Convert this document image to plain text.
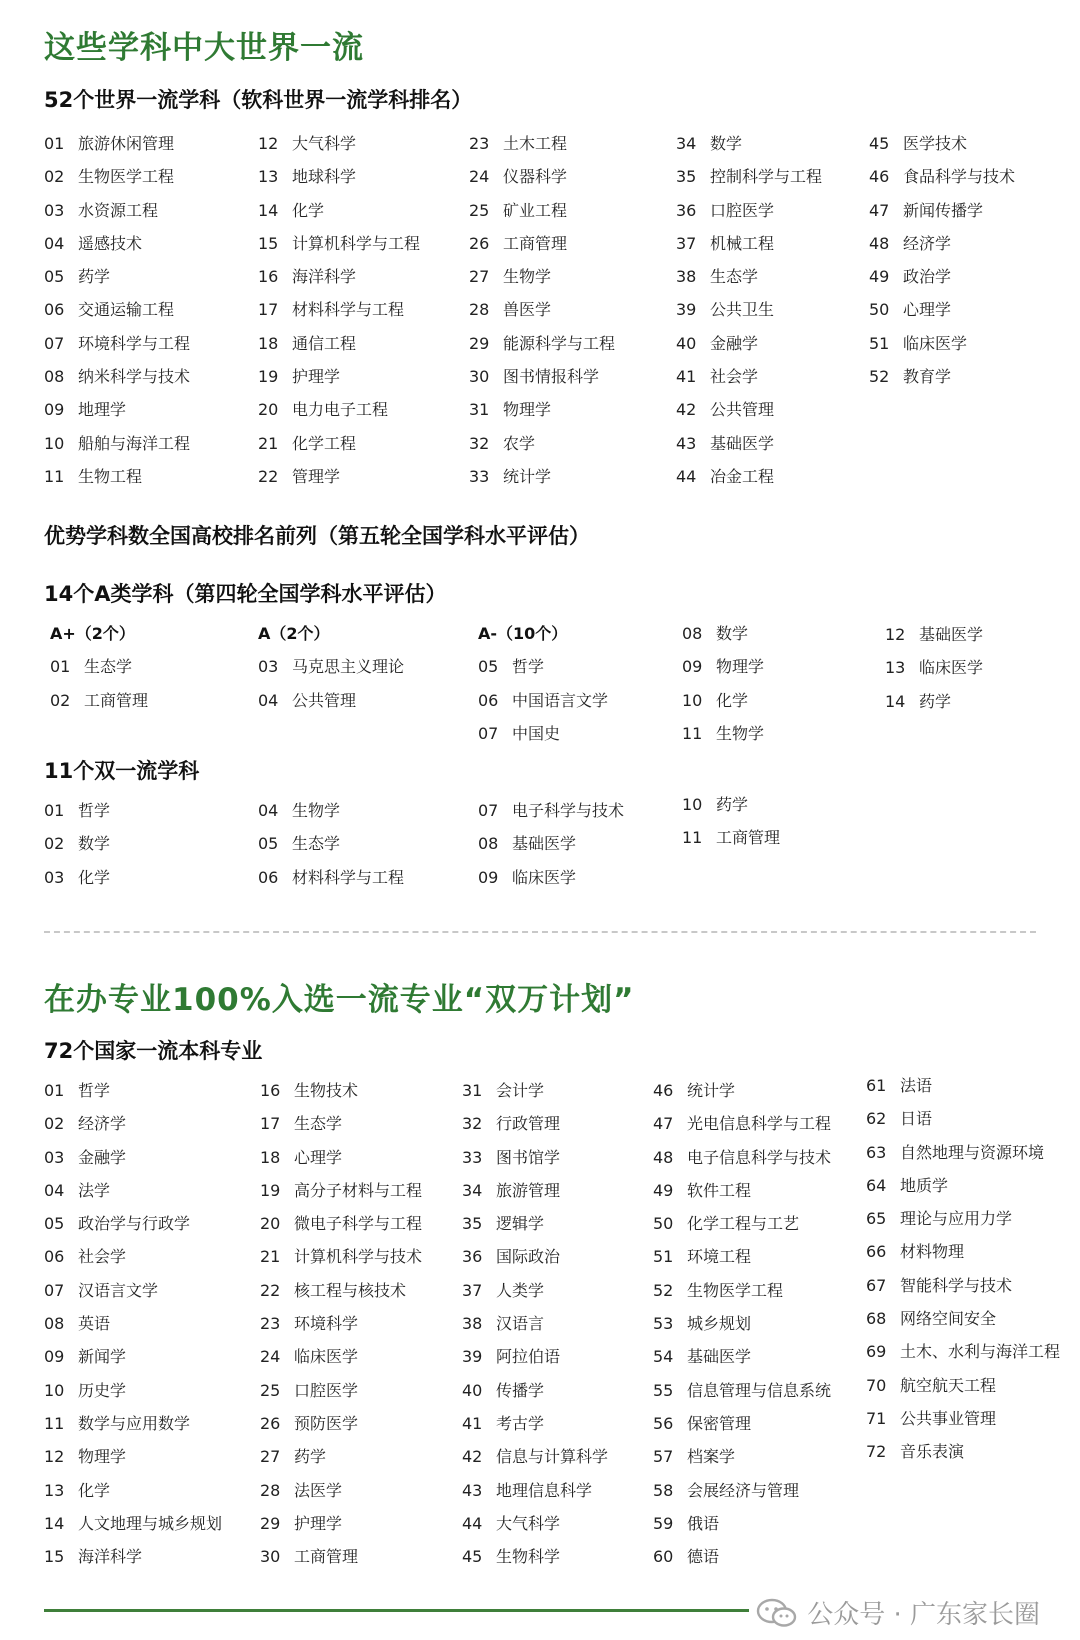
这些学科中大世界一流
52个世界一流学科（软科世界一流学科排名）
01 旅游休闲管理
02 生物医学工程
03 水资源工程
04 遥感技术
05 药学
06 交通运输工程
07 环境科学与工程
08 纳米科学与技术
09 地理学
10 船舶与海洋工程
11 生物工程
12 大气科学
13 地球科学
14 化学
15 计算机科学与工程
16 海洋科学
17 材料科学与工程
18 通信工程
19 护理学
20 电力电子工程
21 化学工程
22 管理学
23 土木工程
24 仪器科学
25 矿业工程
26 工商管理
27 生物学
28 兽医学
29 能源科学与工程
30 图书情报科学
31 物理学
32 农学
33 统计学
34 数学
35 控制科学与工程
36 口腔医学
37 机械工程
38 生态学
39 公共卫生
40 金融学
41 社会学
42 公共管理
43 基础医学
44 冶金工程
45 医学技术
46 食品科学与技术
47 新闻传播学
48 经济学
49 政治学
50 心理学
51 临床医学
52 教育学
优势学科数全国高校排名前列（第五轮全国学科水平评估）
14个A类学科（第四轮全国学科水平评估）
A+（2个）
01 生态学
02 工商管理
A（2个）
03 马克思主义理论
04 公共管理
A-（10个）
05 哲学
06 中国语言文学
07 中国史
08 数学
09 物理学
10 化学
11 生物学
12 基础医学
13 临床医学
14 药学
11个双一流学科
01 哲学
02 数学
03 化学
04 生物学
05 生态学
06 材料科学与工程
07 电子科学与技术
08 基础医学
09 临床医学
10 药学
11 工商管理
在办专业100%入选一流专业“双万计划”
72个国家一流本科专业
01 哲学
02 经济学
03 金融学
04 法学
05 政治学与行政学
06 社会学
07 汉语言文学
08 英语
09 新闻学
10 历史学
11 数学与应用数学
12 物理学
13 化学
14 人文地理与城乡规划
15 海洋科学
16 生物技术
17 生态学
18 心理学
19 高分子材料与工程
20 微电子科学与工程
21 计算机科学与技术
22 核工程与核技术
23 环境科学
24 临床医学
25 口腔医学
26 预防医学
27 药学
28 法医学
29 护理学
30 工商管理
31 会计学
32 行政管理
33 图书馆学
34 旅游管理
35 逻辑学
36 国际政治
37 人类学
38 汉语言
39 阿拉伯语
40 传播学
41 考古学
42 信息与计算科学
43 地理信息科学
44 大气科学
45 生物科学
46 统计学
47 光电信息科学与工程
48 电子信息科学与技术
49 软件工程
50 化学工程与工艺
51 环境工程
52 生物医学工程
53 城乡规划
54 基础医学
55 信息管理与信息系统
56 保密管理
57 档案学
58 会展经济与管理
59 俄语
60 德语
61 法语
62 日语
63 自然地理与资源环境
64 地质学
65 理论与应用力学
66 材料物理
67 智能科学与技术
68 网络空间安全
69 土木、水利与海洋工程
70 航空航天工程
71 公共事业管理
72 音乐表演
公众号 · 广东家长圈
